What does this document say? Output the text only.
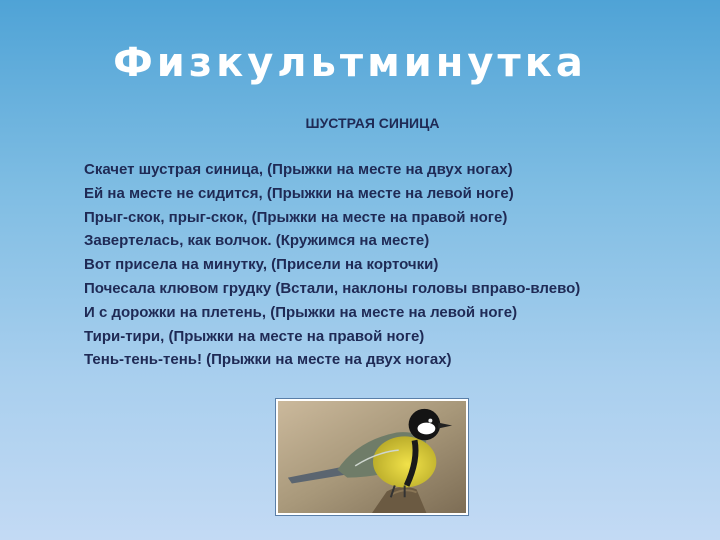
Физкультминутка
ШУСТРАЯ СИНИЦА
Скачет шустрая синица, (Прыжки на месте на двух ногах)
Ей на месте не сидится, (Прыжки на месте на левой ноге)
Прыг-скок, прыг-скок, (Прыжки на месте на правой ноге)
Завертелась, как волчок. (Кружимся на месте)
Вот присела на минутку, (Присели на корточки)
Почесала клювом грудку (Встали, наклоны головы вправо-влево)
И с дорожки на плетень, (Прыжки на месте на левой ноге)
Тири-тири, (Прыжки на месте на правой ноге)
Тень-тень-тень! (Прыжки на месте на двух ногах)
